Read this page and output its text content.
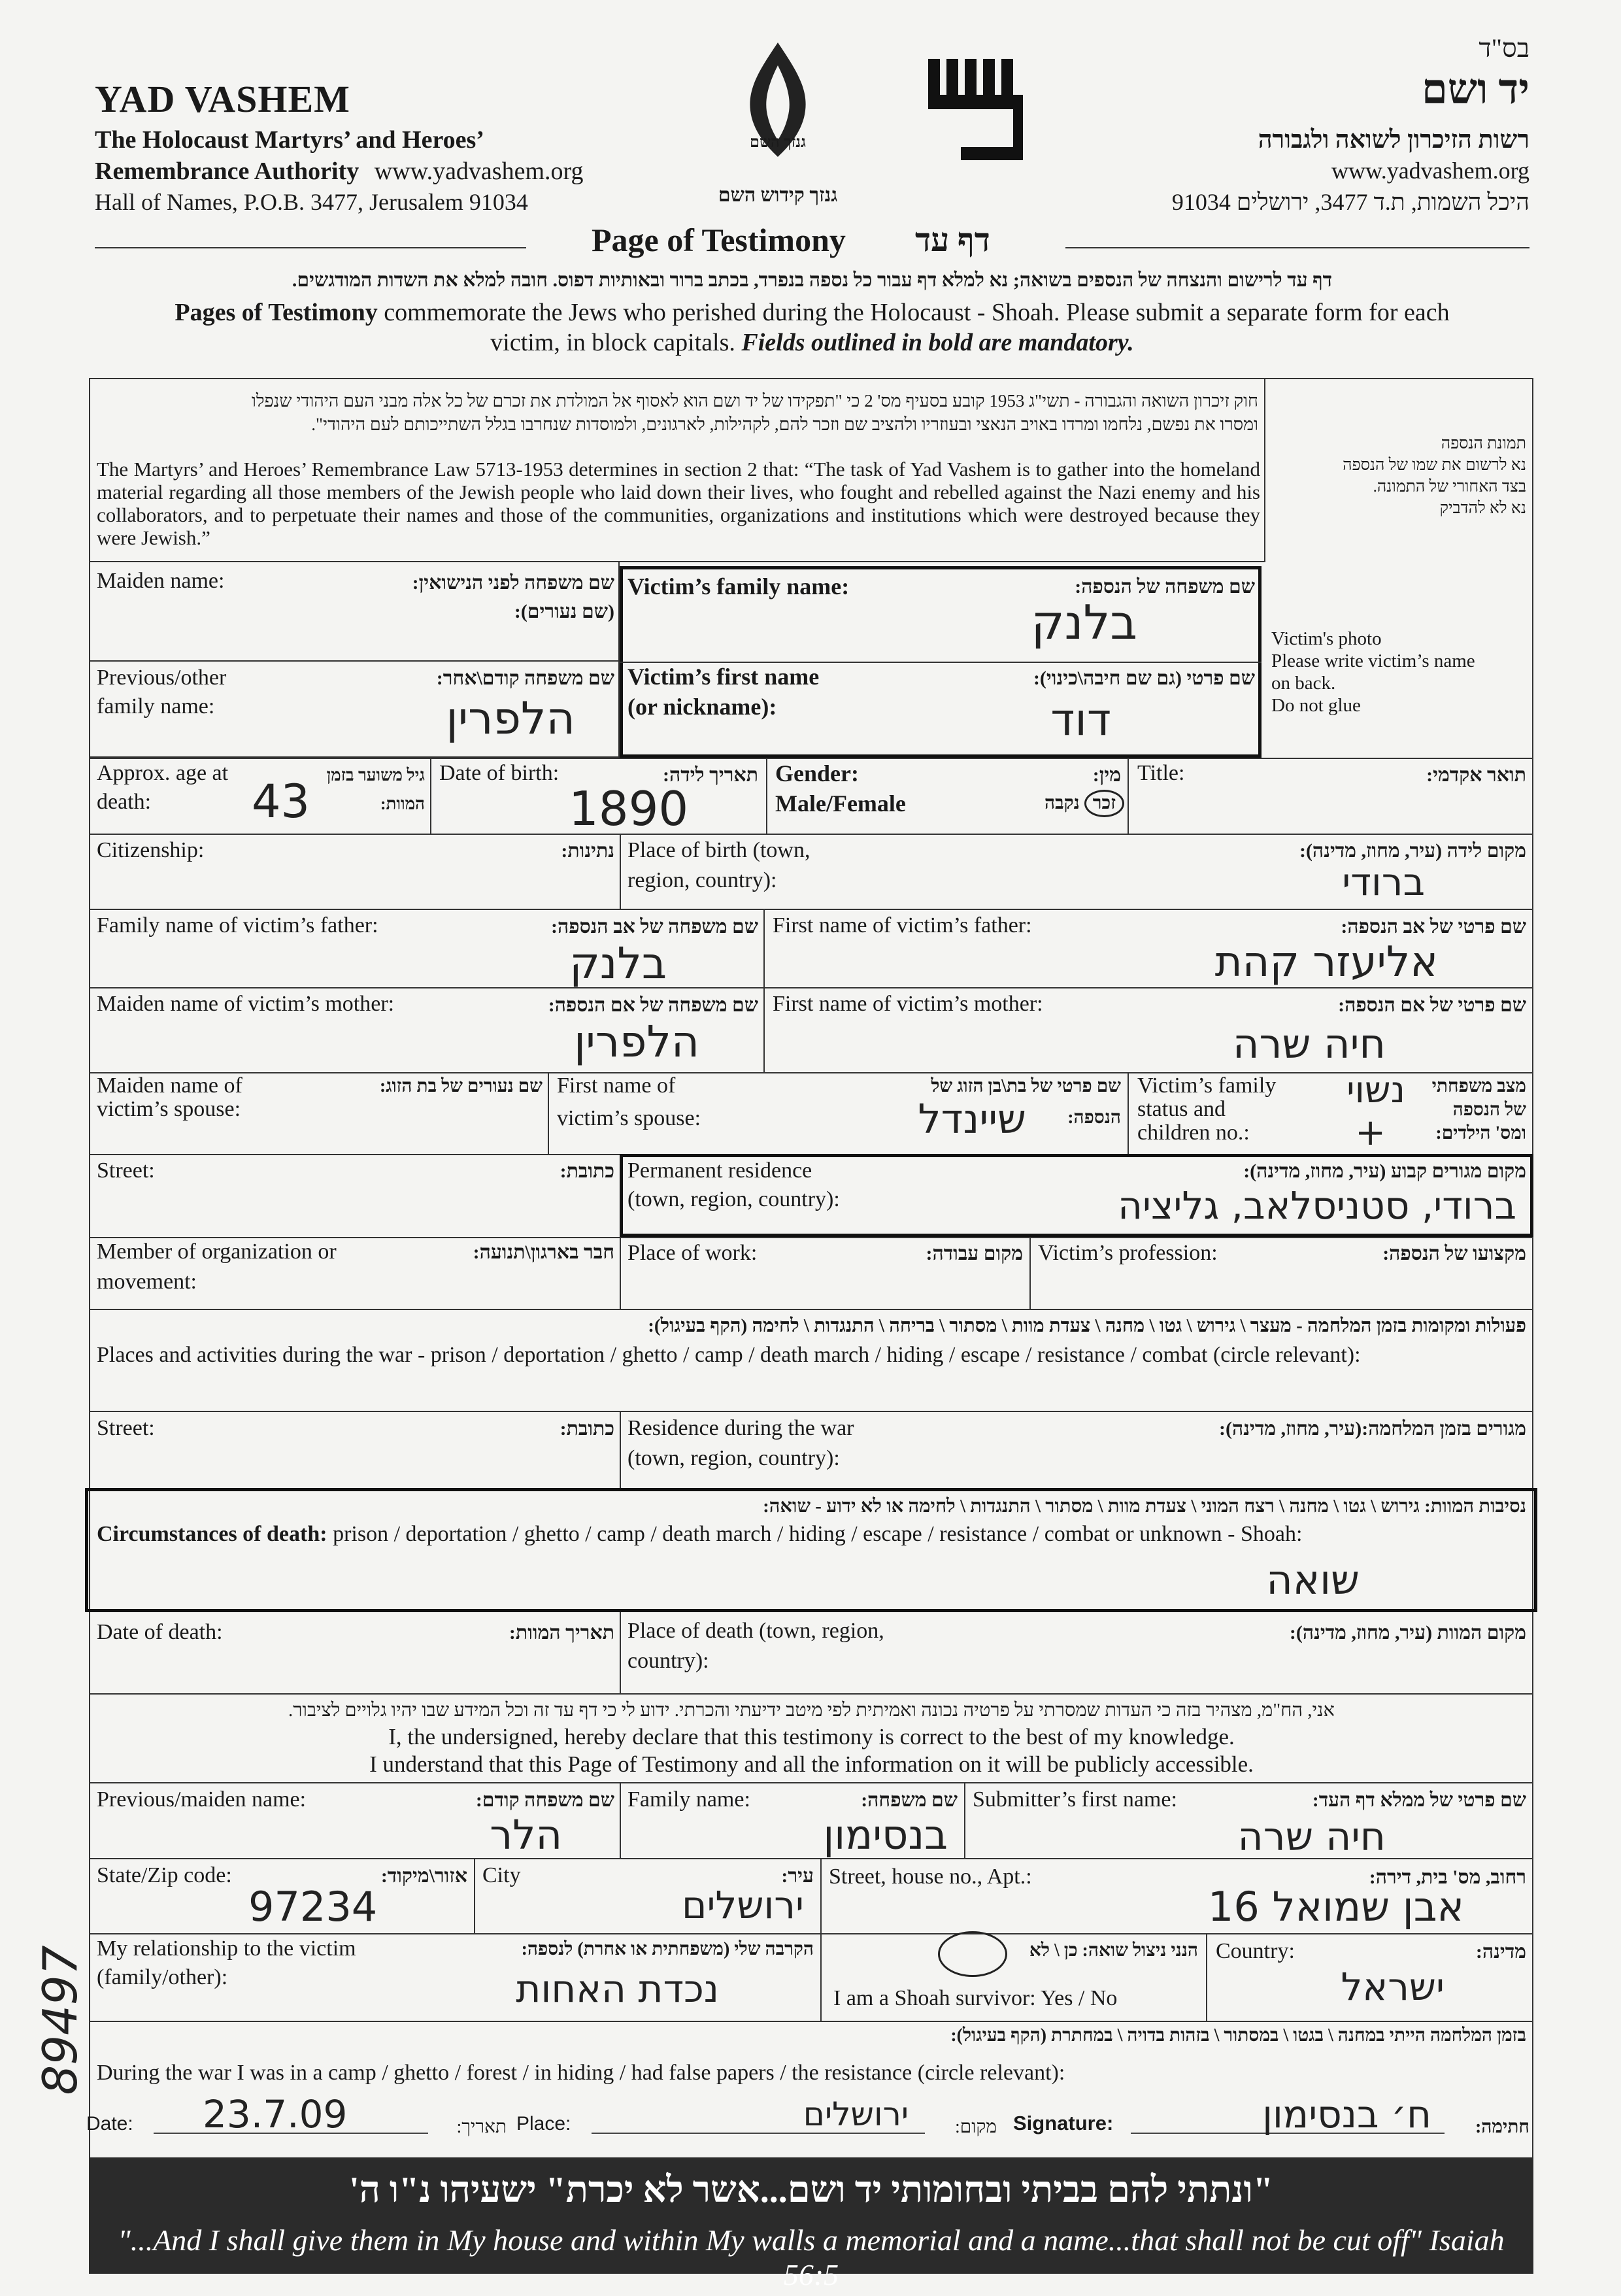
בס"ד
YAD VASHEM
The Holocaust Martyrs’ and Heroes’
Remembrance Authority www.yadvashem.org
Hall of Names, P.O.B. 3477, Jerusalem 91034
גנזך השם
גנזך קידוש השם
יד ושם
רשות הזיכרון לשואה ולגבורה
www.yadvashem.org
היכל השמות, ת.ד 3477, ירושלים 91034
Page of Testimony דף עד
דף עד לרישום והנצחה של הנספים בשואה; נא למלא דף עבור כל נספה בנפרד, בכתב ברור ובאותיות דפוס. חובה למלא את השדות המודגשים.
Pages of Testimony commemorate the Jews who perished during the Holocaust - Shoah. Please submit a separate form for each
victim, in block capitals. Fields outlined in bold are mandatory.
חוק זיכרון השואה והגבורה - תשי"ג 1953 קובע בסעיף מס' 2 כי "תפקידו של יד ושם הוא לאסוף אל המולדת את זכרם של כל אלה מבני העם היהודי שנפלו
ומסרו את נפשם, נלחמו ומרדו באויב הנאצי ובעוזריו ולהציב שם וזכר להם, לקהילות, לארגונים, ולמוסדות שנחרבו בגלל השתייכותם לעם היהודי".
The Martyrs’ and Heroes’ Remembrance Law 5713-1953 determines in section 2 that: “The task of Yad Vashem is to gather into the homeland material regarding all those members of the Jewish people who laid down their lives, who fought and rebelled against the Nazi enemy and his collaborators, and to perpetuate their names and those of the communities, organizations and institutions which were destroyed because they were Jewish.”
תמונת הנספה
נא לרשום את שמו של הנספה
בצד האחורי של התמונה.
נא לא להדביק
Victim's photo
Please write victim’s name
on back.
Do not glue
Maiden name:	שם משפחה לפני הנישואין:
(שם נעורים):
Victim’s family name:	שם משפחה של הנספה:
בלנק
Previous/other
family name:
שם משפחה קודם\אחר:
הלפרין
Victim’s first name
(or nickname):
שם פרטי (גם שם חיבה\כינוי):
דוד
Approx. age at
death:
גיל משוער בזמן
המוות:
43
Date of birth:	תאריך לידה:
1890
Gender:
Male/Female
מין:
זכר נקבה
Title:	תואר אקדמי:
Citizenship:	נתינות: Place of birth (town,
region, country):
מקום לידה (עיר, מחוז, מדינה):
ברודי
Family name of victim’s father:	שם משפחה של אב הנספה:
בלנק
First name of victim’s father:	שם פרטי של אב הנספה:
אליעזר קהת
Maiden name of victim’s mother:	שם משפחה של אם הנספה:
הלפרין
First name of victim’s mother:	שם פרטי של אם הנספה:
חיה שרה
Maiden name of
victim’s spouse:
שם נעורים של בת הזוג: First name of
victim’s spouse:
שם פרטי של בת\בן הזוג של
הנספה:
שיינדל
Victim’s family
status and
children no.:
מצב משפחתי
של הנספה
ומס' הילדים:
נשוי
+
Street:	כתובת: Permanent residence
(town, region, country):
מקום מגורים קבוע (עיר, מחוז, מדינה):
ברודי, סטניסלאב, גליציה
Member of organization or
movement:
חבר בארגון\תנועה: Place of work:	מקום עבודה: Victim’s profession:	מקצועו של הנספה:
פעולות ומקומות בזמן המלחמה - מעצר \ גירוש \ גטו \ מחנה \ צעדת מוות \ מסתור \ בריחה \ התנגדות \ לחימה (הקף בעיגול):
Places and activities during the war - prison / deportation / ghetto / camp / death march / hiding / escape / resistance / combat (circle relevant):
Street:	כתובת: Residence during the war
(town, region, country):
מגורים בזמן המלחמה:(עיר, מחוז, מדינה):
נסיבות המוות: גירוש \ גטו \ מחנה \ רצח המוני \ צעדת מוות \ מסתור \ התנגדות \ לחימה או לא ידוע - שואה:
Circumstances of death: prison / deportation / ghetto / camp / death march / hiding / escape / resistance / combat or unknown - Shoah:
שואה
Date of death:	תאריך המוות: Place of death (town, region,
country):
מקום המוות (עיר, מחוז, מדינה):
אני, הח"מ, מצהיר בזה כי העדות שמסרתי על פרטיה נכונה ואמיתית לפי מיטב ידיעתי והכרתי. ידוע לי כי דף עד זה וכל המידע שבו יהיו גלויים לציבור.
I, the undersigned, hereby declare that this testimony is correct to the best of my knowledge.
I understand that this Page of Testimony and all the information on it will be publicly accessible.
Previous/maiden name:	שם משפחה קודם:
הלר
Family name:	שם משפחה:
בנסימון
Submitter’s first name:	שם פרטי של ממלא דף העד:
חיה שרה
State/Zip code:	אזור\מיקוד:
97234
City	עיר:
ירושלים
Street, house no., Apt.:	רחוב, מס' בית, דירה:
אבן שמואל 16
My relationship to the victim
(family/other):
הקרבה שלי (משפחתית או אחרת) לנספה:
נכדת האחות
הנני ניצול שואה: כן \ לא
I am a Shoah survivor: Yes / No
Country:	מדינה:
ישראל
בזמן המלחמה הייתי במחנה \ בגטו \ במסתור \ בזהות בדויה \ במחתרת (הקף בעיגול):
During the war I was in a camp / ghetto / forest / in hiding / had false papers / the resistance (circle relevant):
Date: 23.7.09	תאריך: Place:	ירושלים	מקום: Signature:	ח׳ בנסימון	חתימה:
89497
"ונתתי להם בביתי ובחומותי יד ושם...אשר לא יכרת" ישעיהו נ"ו ה'
"...And I shall give them in My house and within My walls a memorial and a name...that shall not be cut off" Isaiah 56:5
